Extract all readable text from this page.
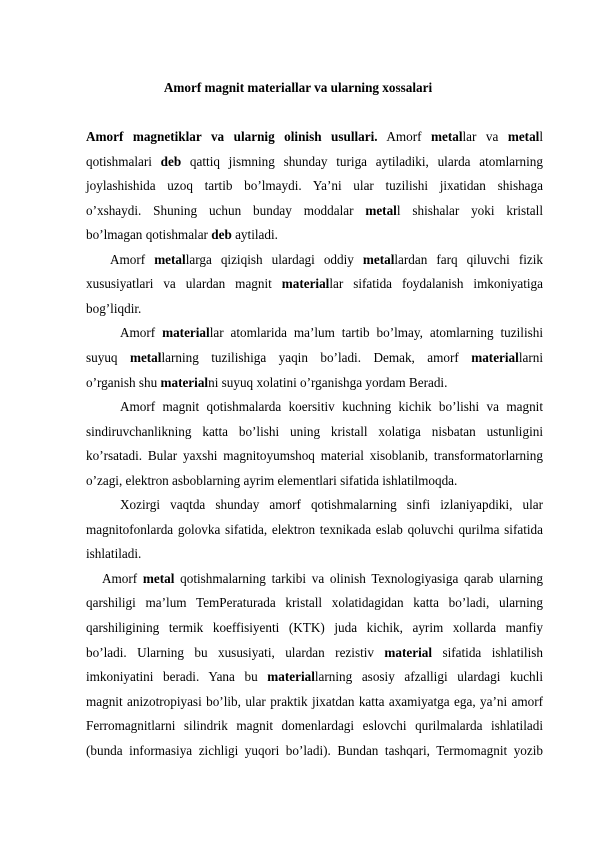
Amorf magnit materiallar va ularning xossalari
Amorf magnetiklar va ularnig olinish usullari. Amorf metallar va metall
qotishmalari deb qattiq jismning shunday turiga aytiladiki, ularda atomlarning
joylashishida uzoq tartib bo’lmaydi. Ya’ni ular tuzilishi jixatidan shishaga
o’xshaydi. Shuning uchun bunday moddalar metall shishalar yoki kristall
bo’lmagan qotishmalar deb aytiladi.
Amorf metallarga qiziqish ulardagi oddiy metallardan farq qiluvchi fizik
xususiyatlari va ulardan magnit materiallar sifatida foydalanish imkoniyatiga
bog’liqdir.
Amorf materiallar atomlarida ma’lum tartib bo’lmay, atomlarning tuzilishi
suyuq metallarning tuzilishiga yaqin bo’ladi. Demak, amorf materiallarni
o’rganish shu materialni suyuq xolatini o’rganishga yordam Beradi.
Amorf magnit qotishmalarda koersitiv kuchning kichik bo’lishi va magnit
sindiruvchanlikning katta bo’lishi uning kristall xolatiga nisbatan ustunligini
ko’rsatadi. Bular yaxshi magnitoyumshoq material xisoblanib, transformatorlarning
o’zagi, elektron asboblarning ayrim elementlari sifatida ishlatilmoqda.
Xozirgi vaqtda shunday amorf qotishmalarning sinfi izlaniyapdiki, ular
magnitofonlarda golovka sifatida, elektron texnikada eslab qoluvchi qurilma sifatida
ishlatiladi.
Amorf metal qotishmalarning tarkibi va olinish Texnologiyasiga qarab ularning
qarshiligi ma’lum TemPeraturada kristall xolatidagidan katta bo’ladi, ularning
qarshiligining termik koeffisiyenti (KTK) juda kichik, ayrim xollarda manfiy
bo’ladi. Ularning bu xususiyati, ulardan rezistiv material sifatida ishlatilish
imkoniyatini beradi. Yana bu materiallarning asosiy afzalligi ulardagi kuchli
magnit anizotropiyasi bo’lib, ular praktik jixatdan katta axamiyatga ega, ya’ni amorf
Ferromagnitlarni silindrik magnit domenlardagi eslovchi qurilmalarda ishlatiladi
(bunda informasiya zichligi yuqori bo’ladi). Bundan tashqari, Termomagnit yozib
